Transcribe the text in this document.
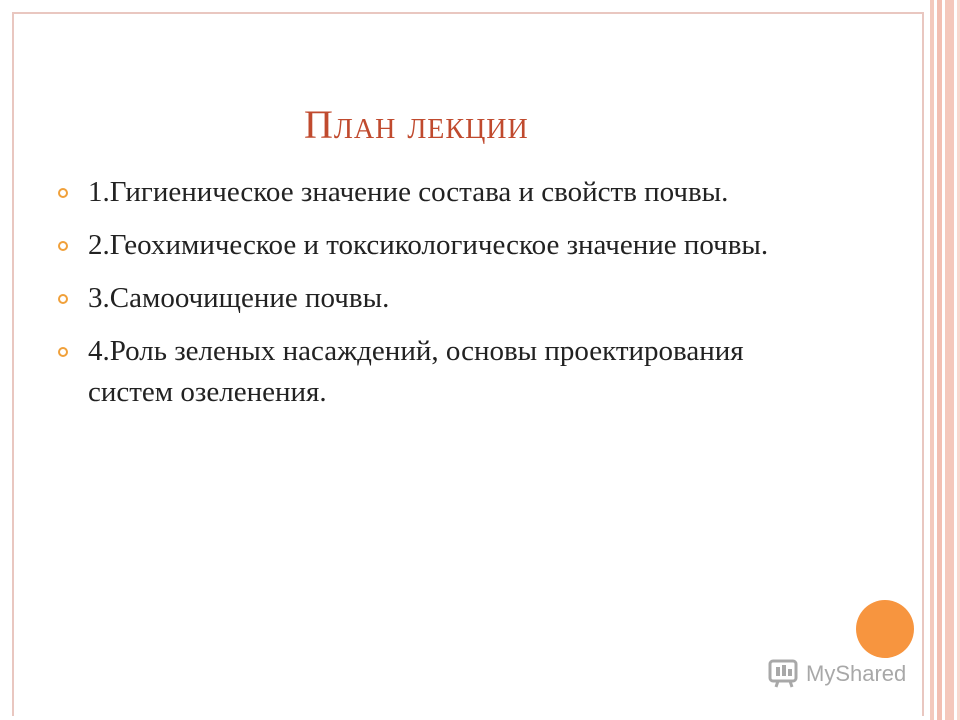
План лекции
1.Гигиеническое значение состава и свойств почвы.
2.Геохимическое и токсикологическое значение почвы.
3.Самоочищение почвы.
4.Роль зеленых насаждений, основы проектирования систем озеленения.
MyShared
